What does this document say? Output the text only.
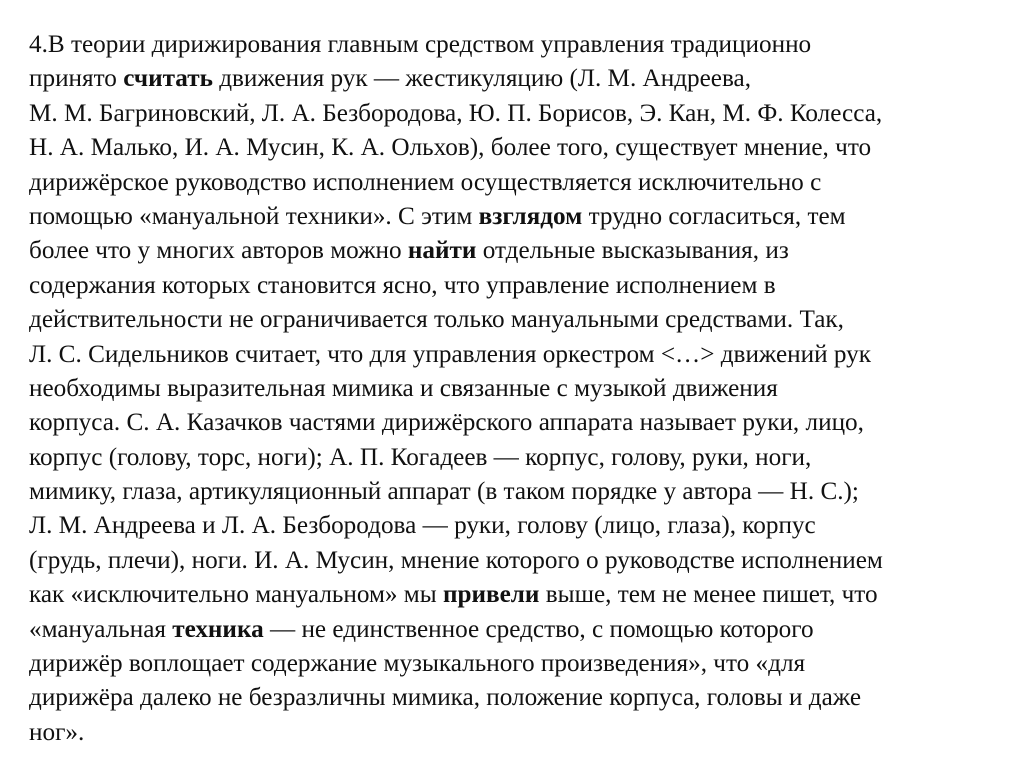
4.В теории дирижирования главным средством управления традиционно
принято считать движения рук — жестикуляцию (Л. М. Андреева,
М. М. Багриновский, Л. А. Безбородова, Ю. П. Борисов, Э. Кан, М. Ф. Колесса,
Н. А. Малько, И. А. Мусин, К. А. Ольхов), более того, существует мнение, что
дирижёрское руководство исполнением осуществляется исключительно с
помощью «мануальной техники». С этим взглядом трудно согласиться, тем
более что у многих авторов можно найти отдельные высказывания, из
содержания которых становится ясно, что управление исполнением в
действительности не ограничивается только мануальными средствами. Так,
Л. С. Сидельников считает, что для управления оркестром <…> движений рук
необходимы выразительная мимика и связанные с музыкой движения
корпуса. С. А. Казачков частями дирижёрского аппарата называет руки, лицо,
корпус (голову, торс, ноги); А. П. Когадеев — корпус, голову, руки, ноги,
мимику, глаза, артикуляционный аппарат (в таком порядке у автора — Н. С.);
Л. М. Андреева и Л. А. Безбородова — руки, голову (лицо, глаза), корпус
(грудь, плечи), ноги. И. А. Мусин, мнение которого о руководстве исполнением
как «исключительно мануальном» мы привели выше, тем не менее пишет, что
«мануальная техника — не единственное средство, с помощью которого
дирижёр воплощает содержание музыкального произведения», что «для
дирижёра далеко не безразличны мимика, положение корпуса, головы и даже
ног».
